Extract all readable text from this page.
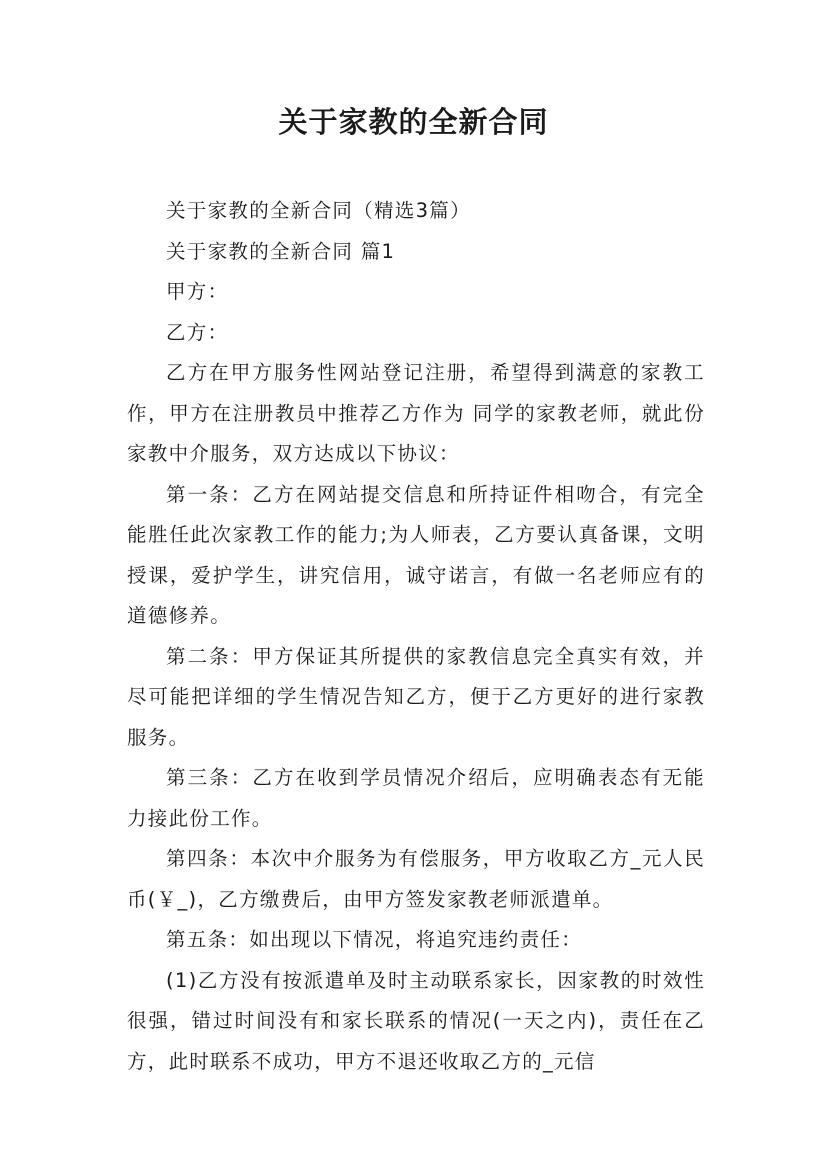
关于家教的全新合同

关于家教的全新合同（精选3篇）

关于家教的全新合同 篇1

甲方：

乙方：

乙方在甲方服务性网站登记注册，希望得到满意的家教工作，甲方在注册教员中推荐乙方作为 同学的家教老师，就此份家教中介服务，双方达成以下协议：

第一条：乙方在网站提交信息和所持证件相吻合，有完全能胜任此次家教工作的能力;为人师表，乙方要认真备课，文明授课，爱护学生，讲究信用，诚守诺言，有做一名老师应有的道德修养。

第二条：甲方保证其所提供的家教信息完全真实有效，并尽可能把详细的学生情况告知乙方，便于乙方更好的进行家教服务。

第三条：乙方在收到学员情况介绍后，应明确表态有无能力接此份工作。

第四条：本次中介服务为有偿服务，甲方收取乙方_元人民币(￥_)，乙方缴费后，由甲方签发家教老师派遣单。

第五条：如出现以下情况，将追究违约责任：

(1)乙方没有按派遣单及时主动联系家长，因家教的时效性很强，错过时间没有和家长联系的情况(一天之内)，责任在乙方，此时联系不成功，甲方不退还收取乙方的_元信
